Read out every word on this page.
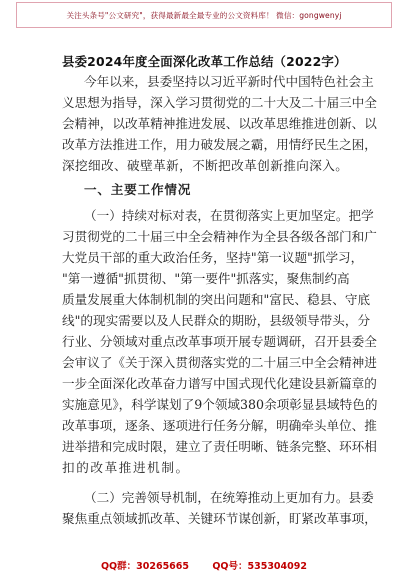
关注头条号"公文研究"，获得最新最全最专业的公文资料库！ 微信：gongwenyj
县委2024年度全面深化改革工作总结（2022字）
今年以来，县委坚持以习近平新时代中国特色社会主
义思想为指导，深入学习贯彻党的二十大及二十届三中全
会精神，以改革精神推进发展、以改革思维推进创新、以
改革方法推进工作，用力破发展之霸，用情纾民生之困，
深挖细改、破壁革新，不断把改革创新推向深入。
一、主要工作情况
（一）持续对标对表，在贯彻落实上更加坚定。把学
习贯彻党的二十届三中全会精神作为全县各级各部门和广
大党员干部的重大政治任务，坚持"第一议题"抓学习，
"第一遵循"抓贯彻、"第一要件"抓落实，聚焦制约高
质量发展重大体制机制的突出问题和"富民、稳县、守底
线"的现实需要以及人民群众的期盼，县级领导带头，分
行业、分领域对重点改革事项开展专题调研，召开县委全
会审议了《关于深入贯彻落实党的二十届三中全会精神进
一步全面深化改革奋力谱写中国式现代化建设县新篇章的
实施意见》，科学谋划了9个领域380余项彰显县域特色的
改革事项，逐条、逐项进行任务分解，明确牵头单位、推
进举措和完成时限，建立了责任明晰、链条完整、环环相
扣的改革推进机制。
（二）完善领导机制，在统筹推动上更加有力。县委
聚焦重点领域抓改革、关键环节谋创新，盯紧改革事项，
QQ群：30265665 QQ号：535304092
